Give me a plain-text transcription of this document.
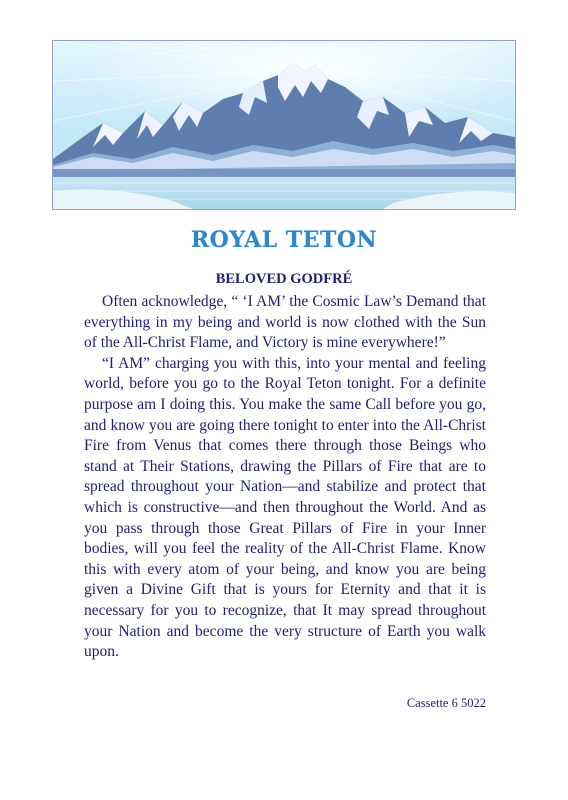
ROYAL TETON
BELOVED GODFRÉ

Often acknowledge, “ ‘I AM’ the Cosmic Law’s Demand that everything in my being and world is now clothed with the Sun of the All-Christ Flame, and Victory is mine everywhere!”

“I AM” charging you with this, into your mental and feeling world, before you go to the Royal Teton tonight. For a definite purpose am I doing this. You make the same Call before you go, and know you are going there tonight to enter into the All-Christ Fire from Venus that comes there through those Beings who stand at Their Stations, drawing the Pillars of Fire that are to spread throughout your Nation—and stabilize and protect that which is constructive—and then throughout the World. And as you pass through those Great Pillars of Fire in your Inner bodies, will you feel the reality of the All-Christ Flame. Know this with every atom of your being, and know you are being given a Divine Gift that is yours for Eternity and that it is necessary for you to recognize, that It may spread throughout your Nation and become the very structure of Earth you walk upon.

Cassette 6 5022
